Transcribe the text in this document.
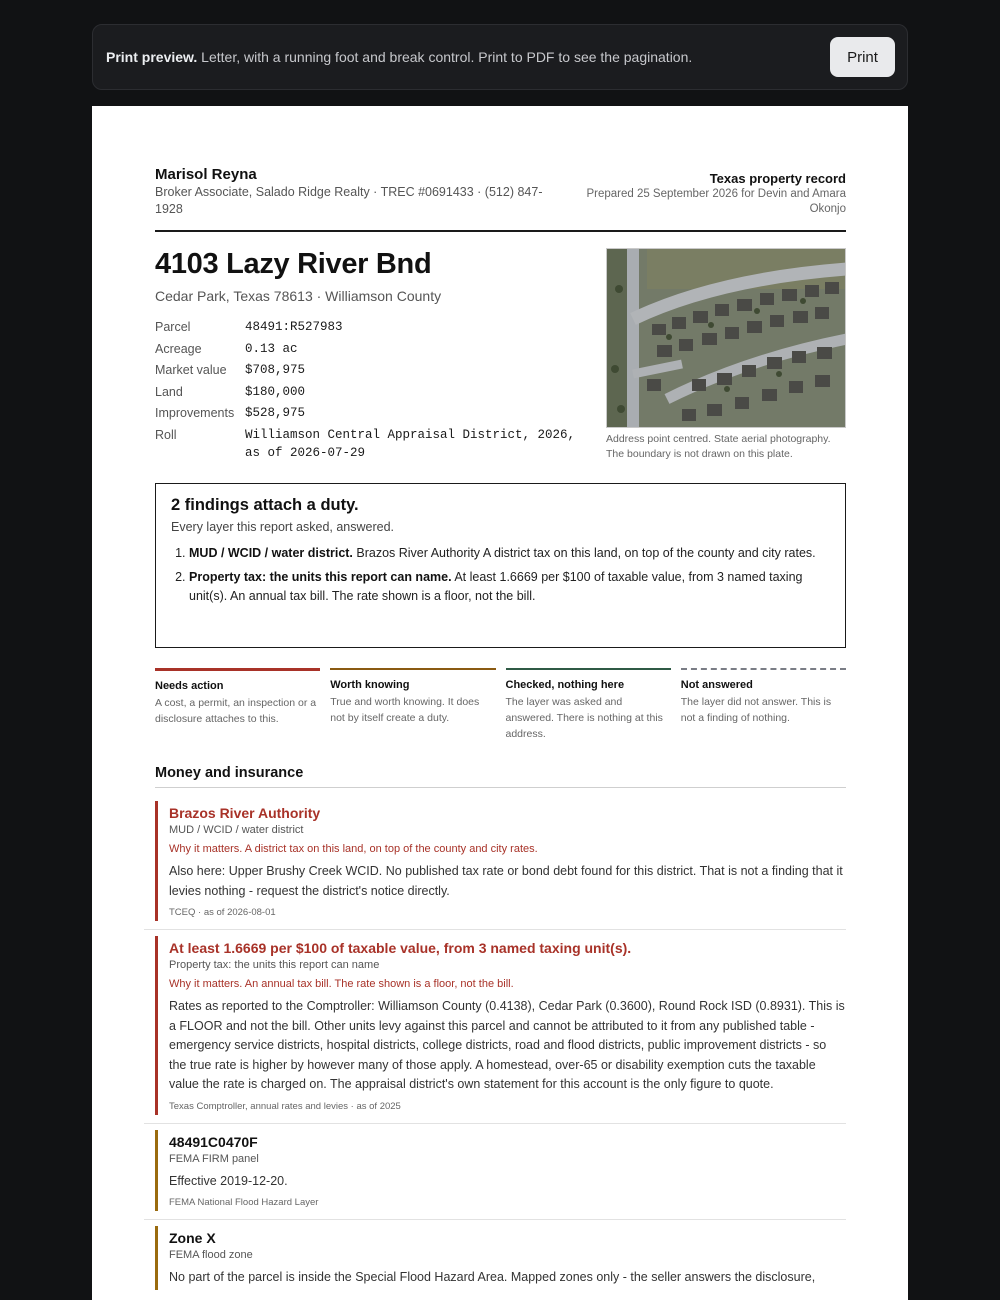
Print preview. Letter, with a running foot and break control. Print to PDF to see the pagination.	Print
Marisol Reyna
Broker Associate, Salado Ridge Realty · TREC #0691433 · (512) 847-1928
Texas property record
Prepared 25 September 2026 for Devin and Amara Okonjo
4103 Lazy River Bnd
Cedar Park, Texas 78613 · Williamson County
Parcel	48491:R527983
Acreage	0.13 ac
Market value	$708,975
Land	$180,000
Improvements $528,975
Roll	Williamson Central Appraisal District, 2026, as of 2026-07-29
Address point centred. State aerial photography. The boundary is not drawn on this plate.
2 findings attach a duty.
Every layer this report asked, answered.
1. MUD / WCID / water district. Brazos River Authority A district tax on this land, on top of the county and city rates.
2. Property tax: the units this report can name. At least 1.6669 per $100 of taxable value, from 3 named taxing unit(s). An annual tax bill. The rate shown is a floor, not the bill.
Needs action
A cost, a permit, an inspection or a disclosure attaches to this.
Worth knowing
True and worth knowing. It does not by itself create a duty.
Checked, nothing here
The layer was asked and answered. There is nothing at this address.
Not answered
The layer did not answer. This is not a finding of nothing.
Money and insurance
Brazos River Authority
MUD / WCID / water district
Why it matters. A district tax on this land, on top of the county and city rates.
Also here: Upper Brushy Creek WCID. No published tax rate or bond debt found for this district. That is not a finding that it levies nothing - request the district's notice directly.
TCEQ · as of 2026-08-01
At least 1.6669 per $100 of taxable value, from 3 named taxing unit(s).
Property tax: the units this report can name
Why it matters. An annual tax bill. The rate shown is a floor, not the bill.
Rates as reported to the Comptroller: Williamson County (0.4138), Cedar Park (0.3600), Round Rock ISD (0.8931). This is a FLOOR and not the bill. Other units levy against this parcel and cannot be attributed to it from any published table - emergency service districts, hospital districts, college districts, road and flood districts, public improvement districts - so the true rate is higher by however many of those apply. A homestead, over-65 or disability exemption cuts the taxable value the rate is charged on. The appraisal district's own statement for this account is the only figure to quote.
Texas Comptroller, annual rates and levies · as of 2025
48491C0470F
FEMA FIRM panel
Effective 2019-12-20.
FEMA National Flood Hazard Layer
Zone X
FEMA flood zone
No part of the parcel is inside the Special Flood Hazard Area. Mapped zones only - the seller answers the disclosure,
